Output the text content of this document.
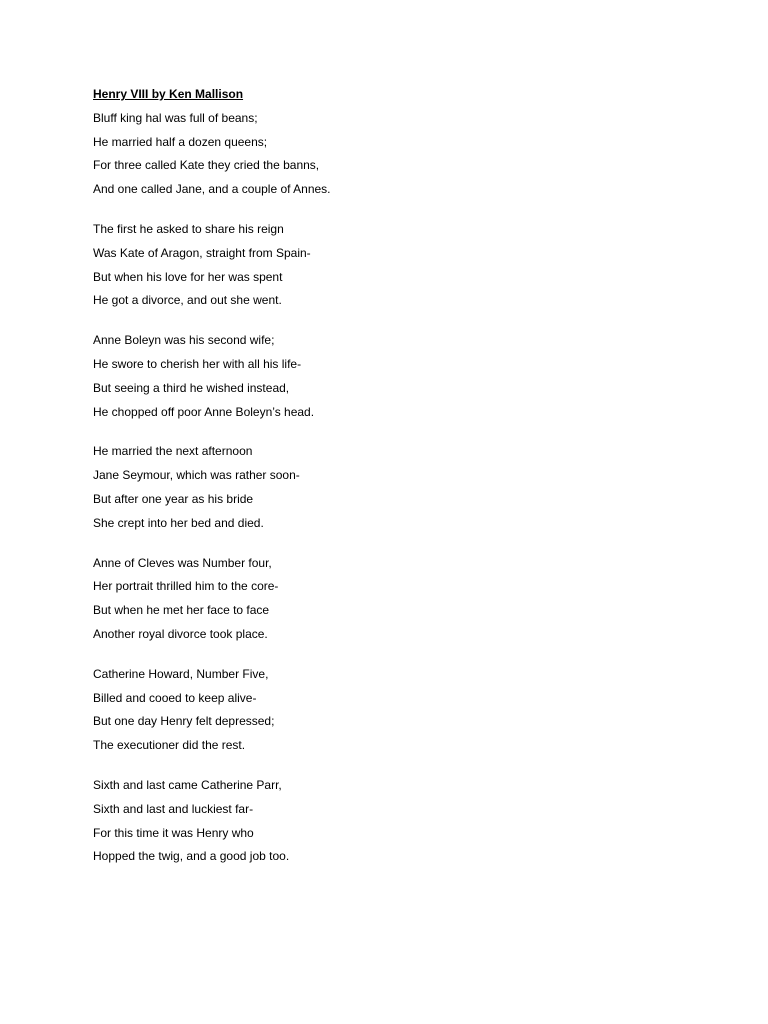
Henry VIII by Ken Mallison
Bluff king hal was full of beans;
He married half a dozen queens;
For three called Kate they cried the banns,
And one called Jane, and a couple of Annes.
The first he asked to share his reign
Was Kate of Aragon, straight from Spain-
But when his love for her was spent
He got a divorce, and out she went.
Anne Boleyn was his second wife;
He swore to cherish her with all his life-
But seeing a third he wished instead,
He chopped off poor Anne Boleyn’s head.
He married the next afternoon
Jane Seymour, which was rather soon-
But after one year as his bride
She crept into her bed and died.
Anne of Cleves was Number four,
Her portrait thrilled him to the core-
But when he met her face to face
Another royal divorce took place.
Catherine Howard, Number Five,
Billed and cooed to keep alive-
But one day Henry felt depressed;
The executioner did the rest.
Sixth and last came Catherine Parr,
Sixth and last and luckiest far-
For this time it was Henry who
Hopped the twig, and a good job too.
